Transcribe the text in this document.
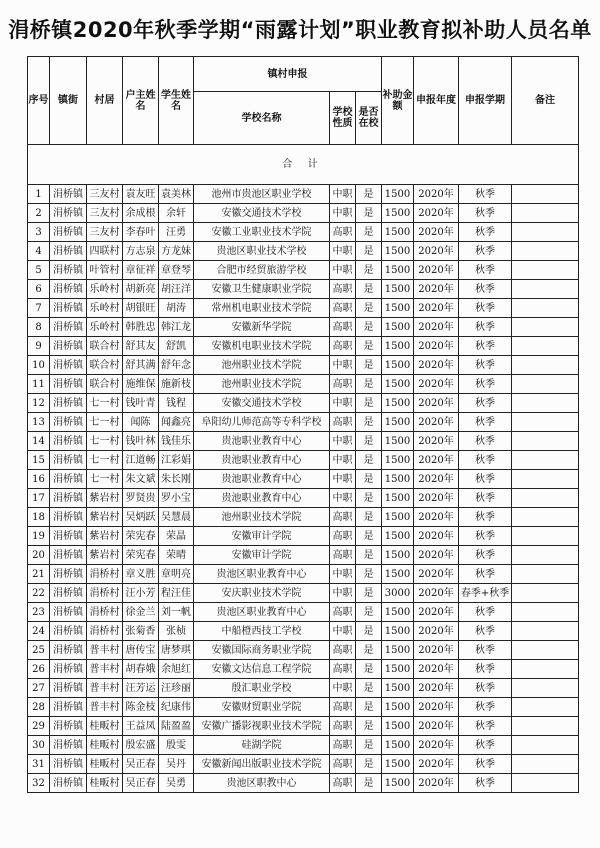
涓桥镇2020年秋季学期“雨露计划”职业教育拟补助人员名单
序号	镇街	村居	户主姓名	学生姓名	镇村申报			补助金额	申报年度	申报学期	备注
					学校名称	学校性质	是否在校				
合 计											
1	涓桥镇	三友村	袁友旺	袁美林	池州市贵池区职业学校	中职	是	1500	2020年	秋季	
2	涓桥镇	三友村	余成根	余轩	安徽交通技术学校	中职	是	1500	2020年	秋季	
3	涓桥镇	三友村	李春叶	汪勇	安徽工业职业技术学院	高职	是	1500	2020年	秋季	
4	涓桥镇	四联村	方志泉	方龙妹	贵池区职业技术学校	中职	是	1500	2020年	秋季	
5	涓桥镇	叶管村	章征祥	章登琴	合肥市经贸旅游学校	中职	是	1500	2020年	秋季	
6	涓桥镇	乐岭村	胡新亮	胡汪洋	安徽卫生健康职业学院	高职	是	1500	2020年	秋季	
7	涓桥镇	乐岭村	胡银旺	胡涛	常州机电职业技术学院	高职	是	1500	2020年	秋季	
8	涓桥镇	乐岭村	韩胜忠	韩江龙	安徽新华学院	高职	是	1500	2020年	秋季	
9	涓桥镇	联合村	舒其友	舒凯	安徽机电职业技术学院	高职	是	1500	2020年	秋季	
10	涓桥镇	联合村	舒其满	舒年念	池州职业技术学院	中职	是	1500	2020年	秋季	
11	涓桥镇	联合村	施维保	施新枝	池州职业技术学院	高职	是	1500	2020年	秋季	
12	涓桥镇	七一村	钱叶青	钱程	安徽交通技术学校	中职	是	1500	2020年	秋季	
13	涓桥镇	七一村	闻陈	闻鑫亮	阜阳幼儿师范高等专科学校	高职	是	1500	2020年	秋季	
14	涓桥镇	七一村	钱叶林	钱佳乐	贵池职业教育中心	中职	是	1500	2020年	秋季	
15	涓桥镇	七一村	江道畅	江彩娟	贵池职业教育中心	中职	是	1500	2020年	秋季	
16	涓桥镇	七一村	朱文斌	朱长刚	贵池职业教育中心	中职	是	1500	2020年	秋季	
17	涓桥镇	紫岩村	罗贤贵	罗小宝	贵池职业教育中心	中职	是	1500	2020年	秋季	
18	涓桥镇	紫岩村	吴炳跃	吴慧晨	池州职业技术学院	高职	是	1500	2020年	秋季	
19	涓桥镇	紫岩村	荣宪春	荣晶	安徽审计学院	高职	是	1500	2020年	秋季	
20	涓桥镇	紫岩村	荣宪春	荣晴	安徽审计学院	高职	是	1500	2020年	秋季	
21	涓桥镇	涓桥村	章义胜	章明亮	贵池区职业教育中心	中职	是	1500	2020年	秋季	
22	涓桥镇	涓桥村	汪小芳	程汪佳	安庆职业技术学院	中职	是	3000	2020年	春季+秋季	
23	涓桥镇	涓桥村	徐金兰	刘一帆	贵池区职业教育中心	高职	是	1500	2020年	秋季	
24	涓桥镇	涓桥村	张菊香	张桢	中船橙西技工学校	中职	是	1500	2020年	秋季	
25	涓桥镇	普丰村	唐传宝	唐梦琪	安徽国际商务职业学院	高职	是	1500	2020年	秋季	
26	涓桥镇	普丰村	胡春娥	余旭红	安徽文达信息工程学院	高职	是	1500	2020年	秋季	
27	涓桥镇	普丰村	汪芳运	汪珍丽	殷汇职业学校	中职	是	1500	2020年	秋季	
28	涓桥镇	普丰村	陈金枝	纪康伟	安徽财贸职业学院	高职	是	1500	2020年	秋季	
29	涓桥镇	桂畈村	王益凤	陆盈盈	安徽广播影视职业技术学院	高职	是	1500	2020年	秋季	
30	涓桥镇	桂畈村	殷宏盛	殷雯	硅湖学院	高职	是	1500	2020年	秋季	
31	涓桥镇	桂畈村	吴正春	吴丹	安徽新闻出版职业技术学院	高职	是	1500	2020年	秋季	
32	涓桥镇	桂畈村	吴正春	吴勇	贵池区职教中心	高职	是	1500	2020年	秋季	
